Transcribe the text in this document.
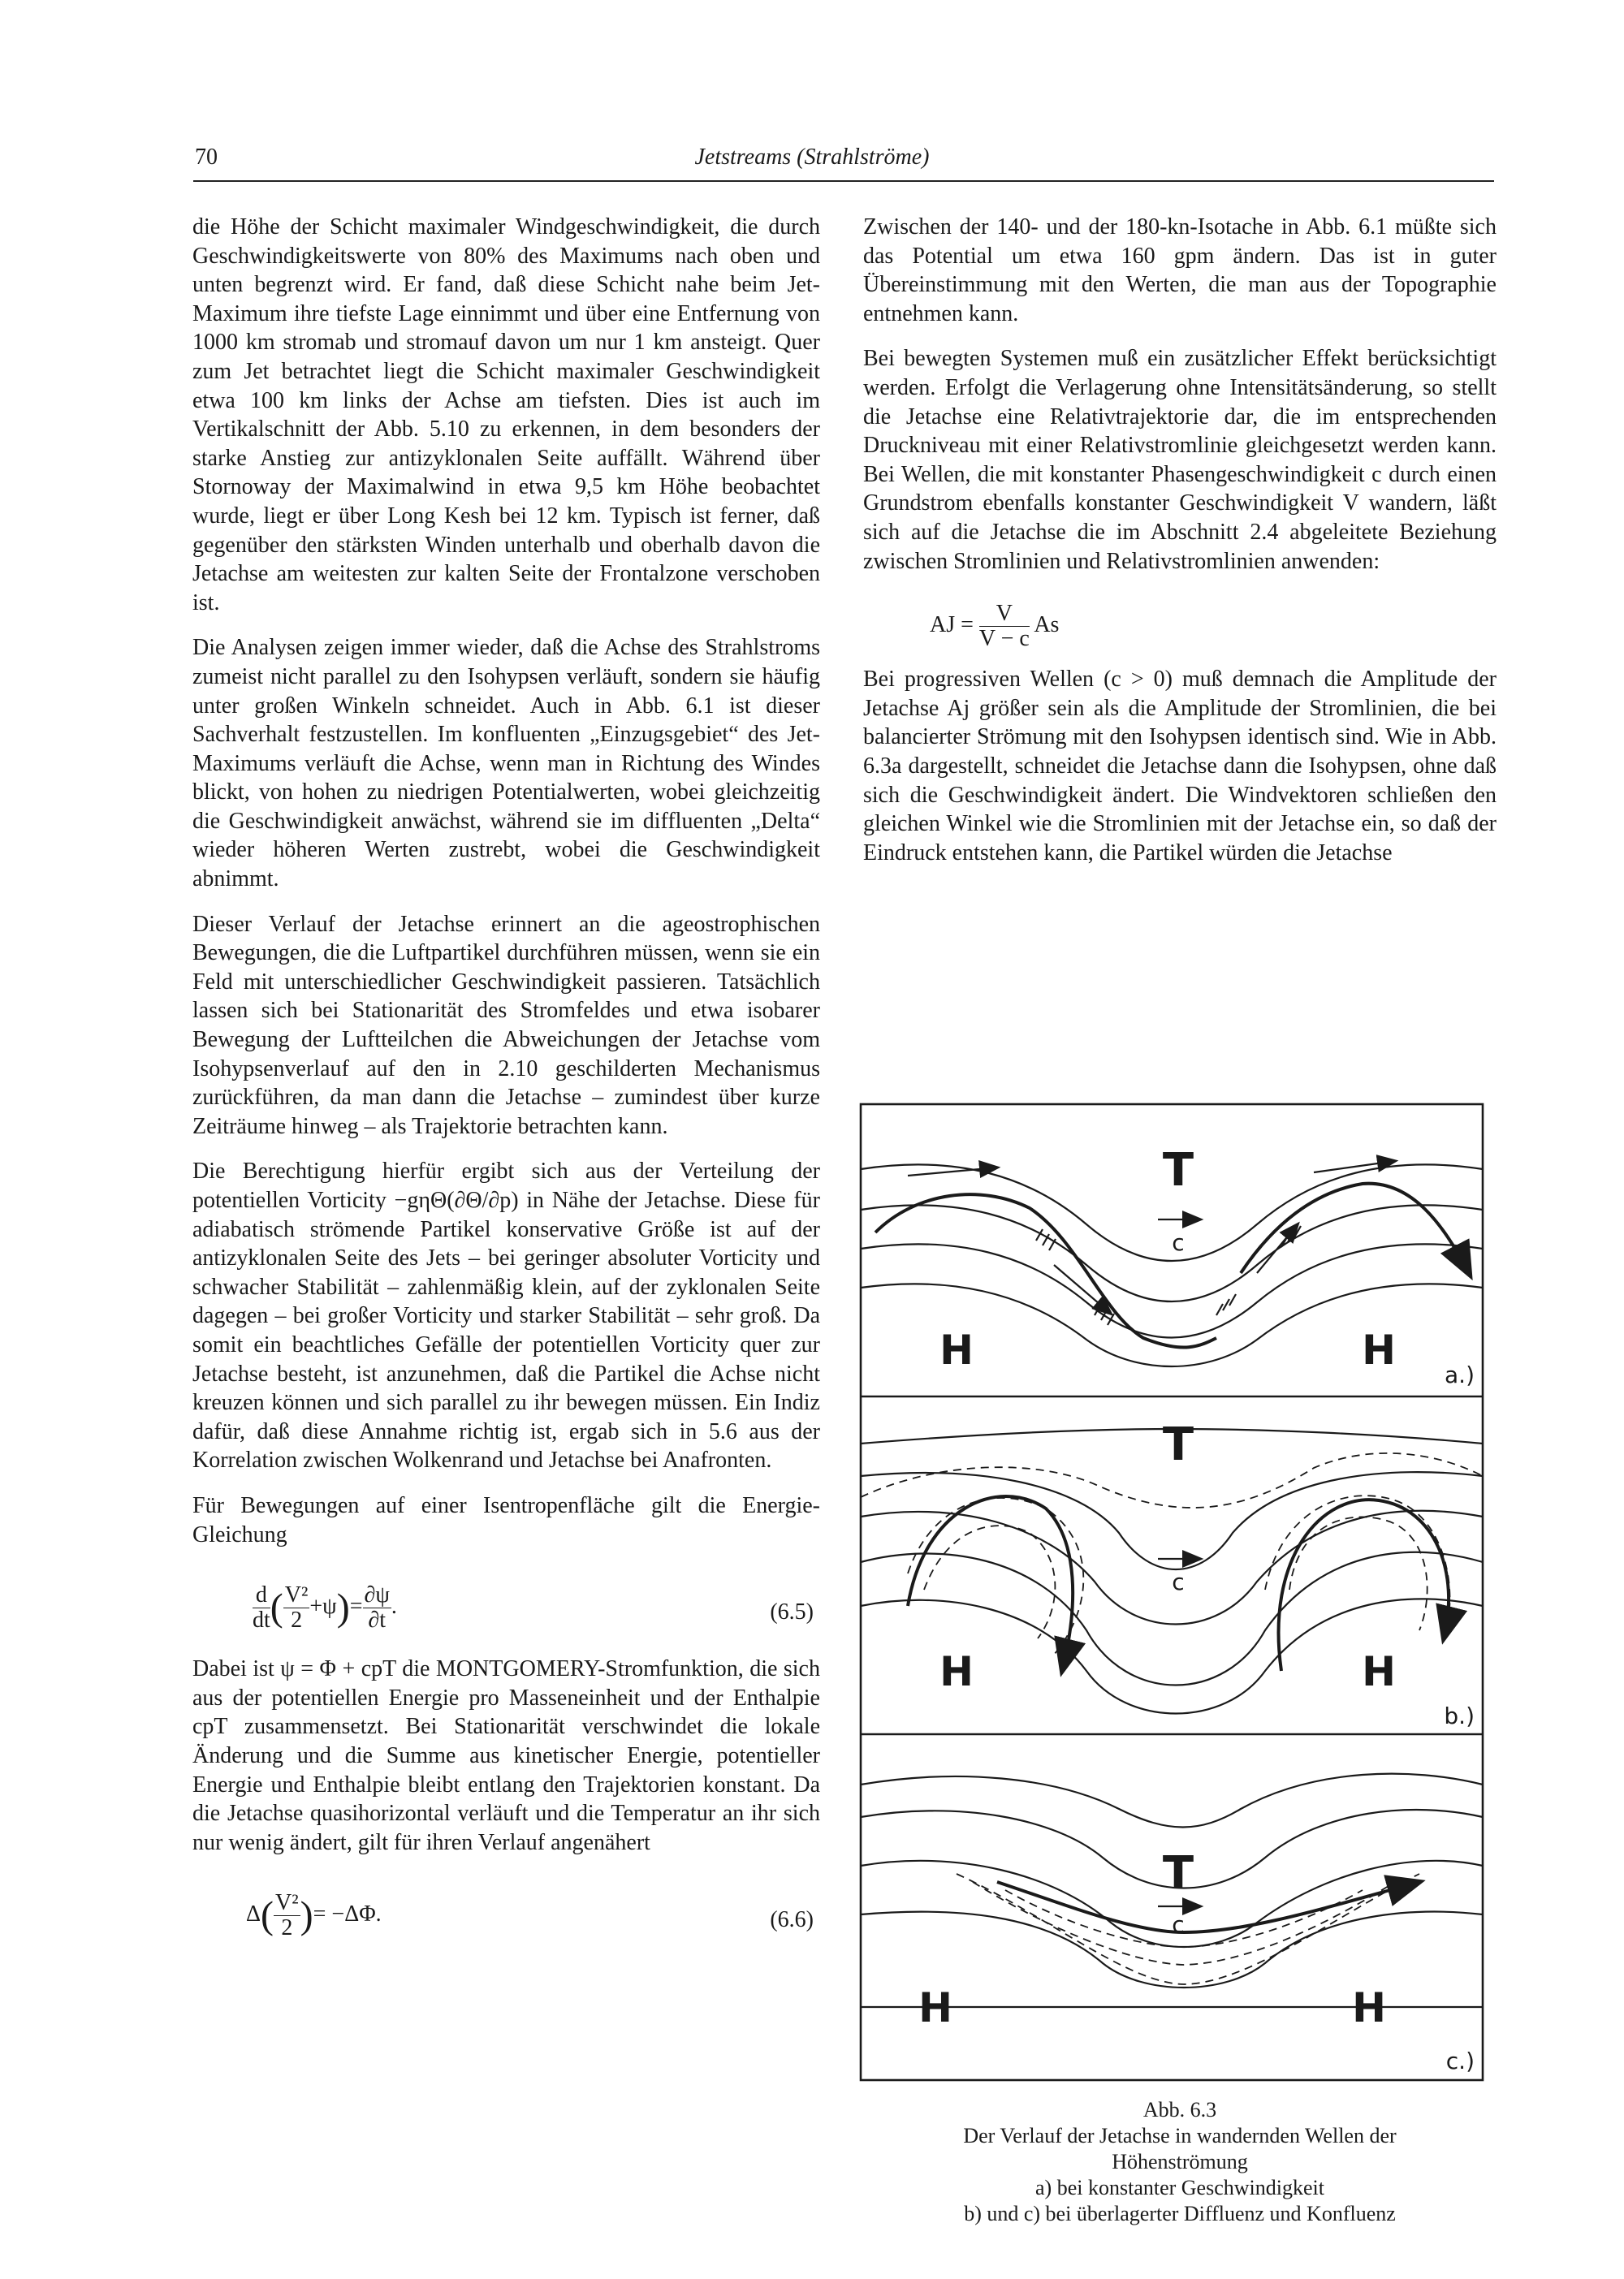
70	Jetstreams (Strahlströme)

die Höhe der Schicht maximaler Windgeschwindigkeit, die durch Geschwindigkeitswerte von 80% des Maximums nach oben und unten begrenzt wird. Er fand, daß diese Schicht nahe beim Jet-Maximum ihre tiefste Lage einnimmt und über eine Entfernung von 1000 km stromab und stromauf davon um nur 1 km ansteigt. Quer zum Jet betrachtet liegt die Schicht maximaler Geschwindigkeit etwa 100 km links der Achse am tiefsten. Dies ist auch im Vertikalschnitt der Abb. 5.10 zu erkennen, in dem besonders der starke Anstieg zur antizyklonalen Seite auffällt. Während über Stornoway der Maximalwind in etwa 9,5 km Höhe beobachtet wurde, liegt er über Long Kesh bei 12 km. Typisch ist ferner, daß gegenüber den stärksten Winden unterhalb und oberhalb davon die Jetachse am weitesten zur kalten Seite der Frontalzone verschoben ist.

Die Analysen zeigen immer wieder, daß die Achse des Strahlstroms zumeist nicht parallel zu den Isohypsen verläuft, sondern sie häufig unter großen Winkeln schneidet. Auch in Abb. 6.1 ist dieser Sachverhalt festzustellen. Im konfluenten „Einzugsgebiet“ des Jet-Maximums verläuft die Achse, wenn man in Richtung des Windes blickt, von hohen zu niedrigen Potentialwerten, wobei gleichzeitig die Geschwindigkeit anwächst, während sie im diffluenten „Delta“ wieder höheren Werten zustrebt, wobei die Geschwindigkeit abnimmt.

Dieser Verlauf der Jetachse erinnert an die ageostrophischen Bewegungen, die die Luftpartikel durchführen müssen, wenn sie ein Feld mit unterschiedlicher Geschwindigkeit passieren. Tatsächlich lassen sich bei Stationarität des Stromfeldes und etwa isobarer Bewegung der Luftteilchen die Abweichungen der Jetachse vom Isohypsenverlauf auf den in 2.10 geschilderten Mechanismus zurückführen, da man dann die Jetachse – zumindest über kurze Zeiträume hinweg – als Trajektorie betrachten kann.

Die Berechtigung hierfür ergibt sich aus der Verteilung der potentiellen Vorticity −gηΘ(∂Θ/∂p) in Nähe der Jetachse. Diese für adiabatisch strömende Partikel konservative Größe ist auf der antizyklonalen Seite des Jets – bei geringer absoluter Vorticity und schwacher Stabilität – zahlenmäßig klein, auf der zyklonalen Seite dagegen – bei großer Vorticity und starker Stabilität – sehr groß. Da somit ein beachtliches Gefälle der potentiellen Vorticity quer zur Jetachse besteht, ist anzunehmen, daß die Partikel die Achse nicht kreuzen können und sich parallel zu ihr bewegen müssen. Ein Indiz dafür, daß diese Annahme richtig ist, ergab sich in 5.6 aus der Korrelation zwischen Wolkenrand und Jetachse bei Anafronten.

Für Bewegungen auf einer Isentropenfläche gilt die Energie-Gleichung

$\frac{d}{dt}$ ( $\frac{\text{V²}}{2} +\psi)= \frac{\partial\psi}{\partial t}$ .	(6.5)

Dabei ist ψ = Φ + cpT die MONTGOMERY-Stromfunktion, die sich aus der potentiellen Energie pro Masseneinheit und der Enthalpie cpT zusammensetzt. Bei Stationarität verschwindet die lokale Änderung und die Summe aus kinetischer Energie, potentieller Energie und Enthalpie bleibt entlang den Trajektorien konstant. Da die Jetachse quasihorizontal verläuft und die Temperatur an ihr sich nur wenig ändert, gilt für ihren Verlauf angenähert

$\Delta( \frac{\text{V²}}{2}$ )= −ΔΦ.	(6.6)

Zwischen der 140- und der 180-kn-Isotache in Abb. 6.1 müßte sich das Potential um etwa 160 gpm ändern. Das ist in guter Übereinstimmung mit den Werten, die man aus der Topographie entnehmen kann.

Bei bewegten Systemen muß ein zusätzlicher Effekt berücksichtigt werden. Erfolgt die Verlagerung ohne Intensitätsänderung, so stellt die Jetachse eine Relativtrajektorie dar, die im entsprechenden Druckniveau mit einer Relativstromlinie gleichgesetzt werden kann. Bei Wellen, die mit konstanter Phasengeschwindigkeit c durch einen Grundstrom ebenfalls konstanter Geschwindigkeit V wandern, läßt sich auf die Jetachse die im Abschnitt 2.4 abgeleitete Beziehung zwischen Stromlinien und Relativstromlinien anwenden:

AJ = $\frac{V}{V - c}$ As

Bei progressiven Wellen (c > 0) muß demnach die Amplitude der Jetachse Aj größer sein als die Amplitude der Stromlinien, die bei balancierter Strömung mit den Isohypsen identisch sind. Wie in Abb. 6.3a dargestellt, schneidet die Jetachse dann die Isohypsen, ohne daß sich die Geschwindigkeit ändert. Die Windvektoren schließen den gleichen Winkel wie die Stromlinien mit der Jetachse ein, so daß der Eindruck entstehen kann, die Partikel würden die Jetachse

T
c
H	H
a.)
T
c
H	H
b.)
T
c
H	H
c.)
Abb. 6.3
Der Verlauf der Jetachse in wandernden Wellen der
Höhenströmung
a) bei konstanter Geschwindigkeit
b) und c) bei überlagerter Diffluenz und Konfluenz
